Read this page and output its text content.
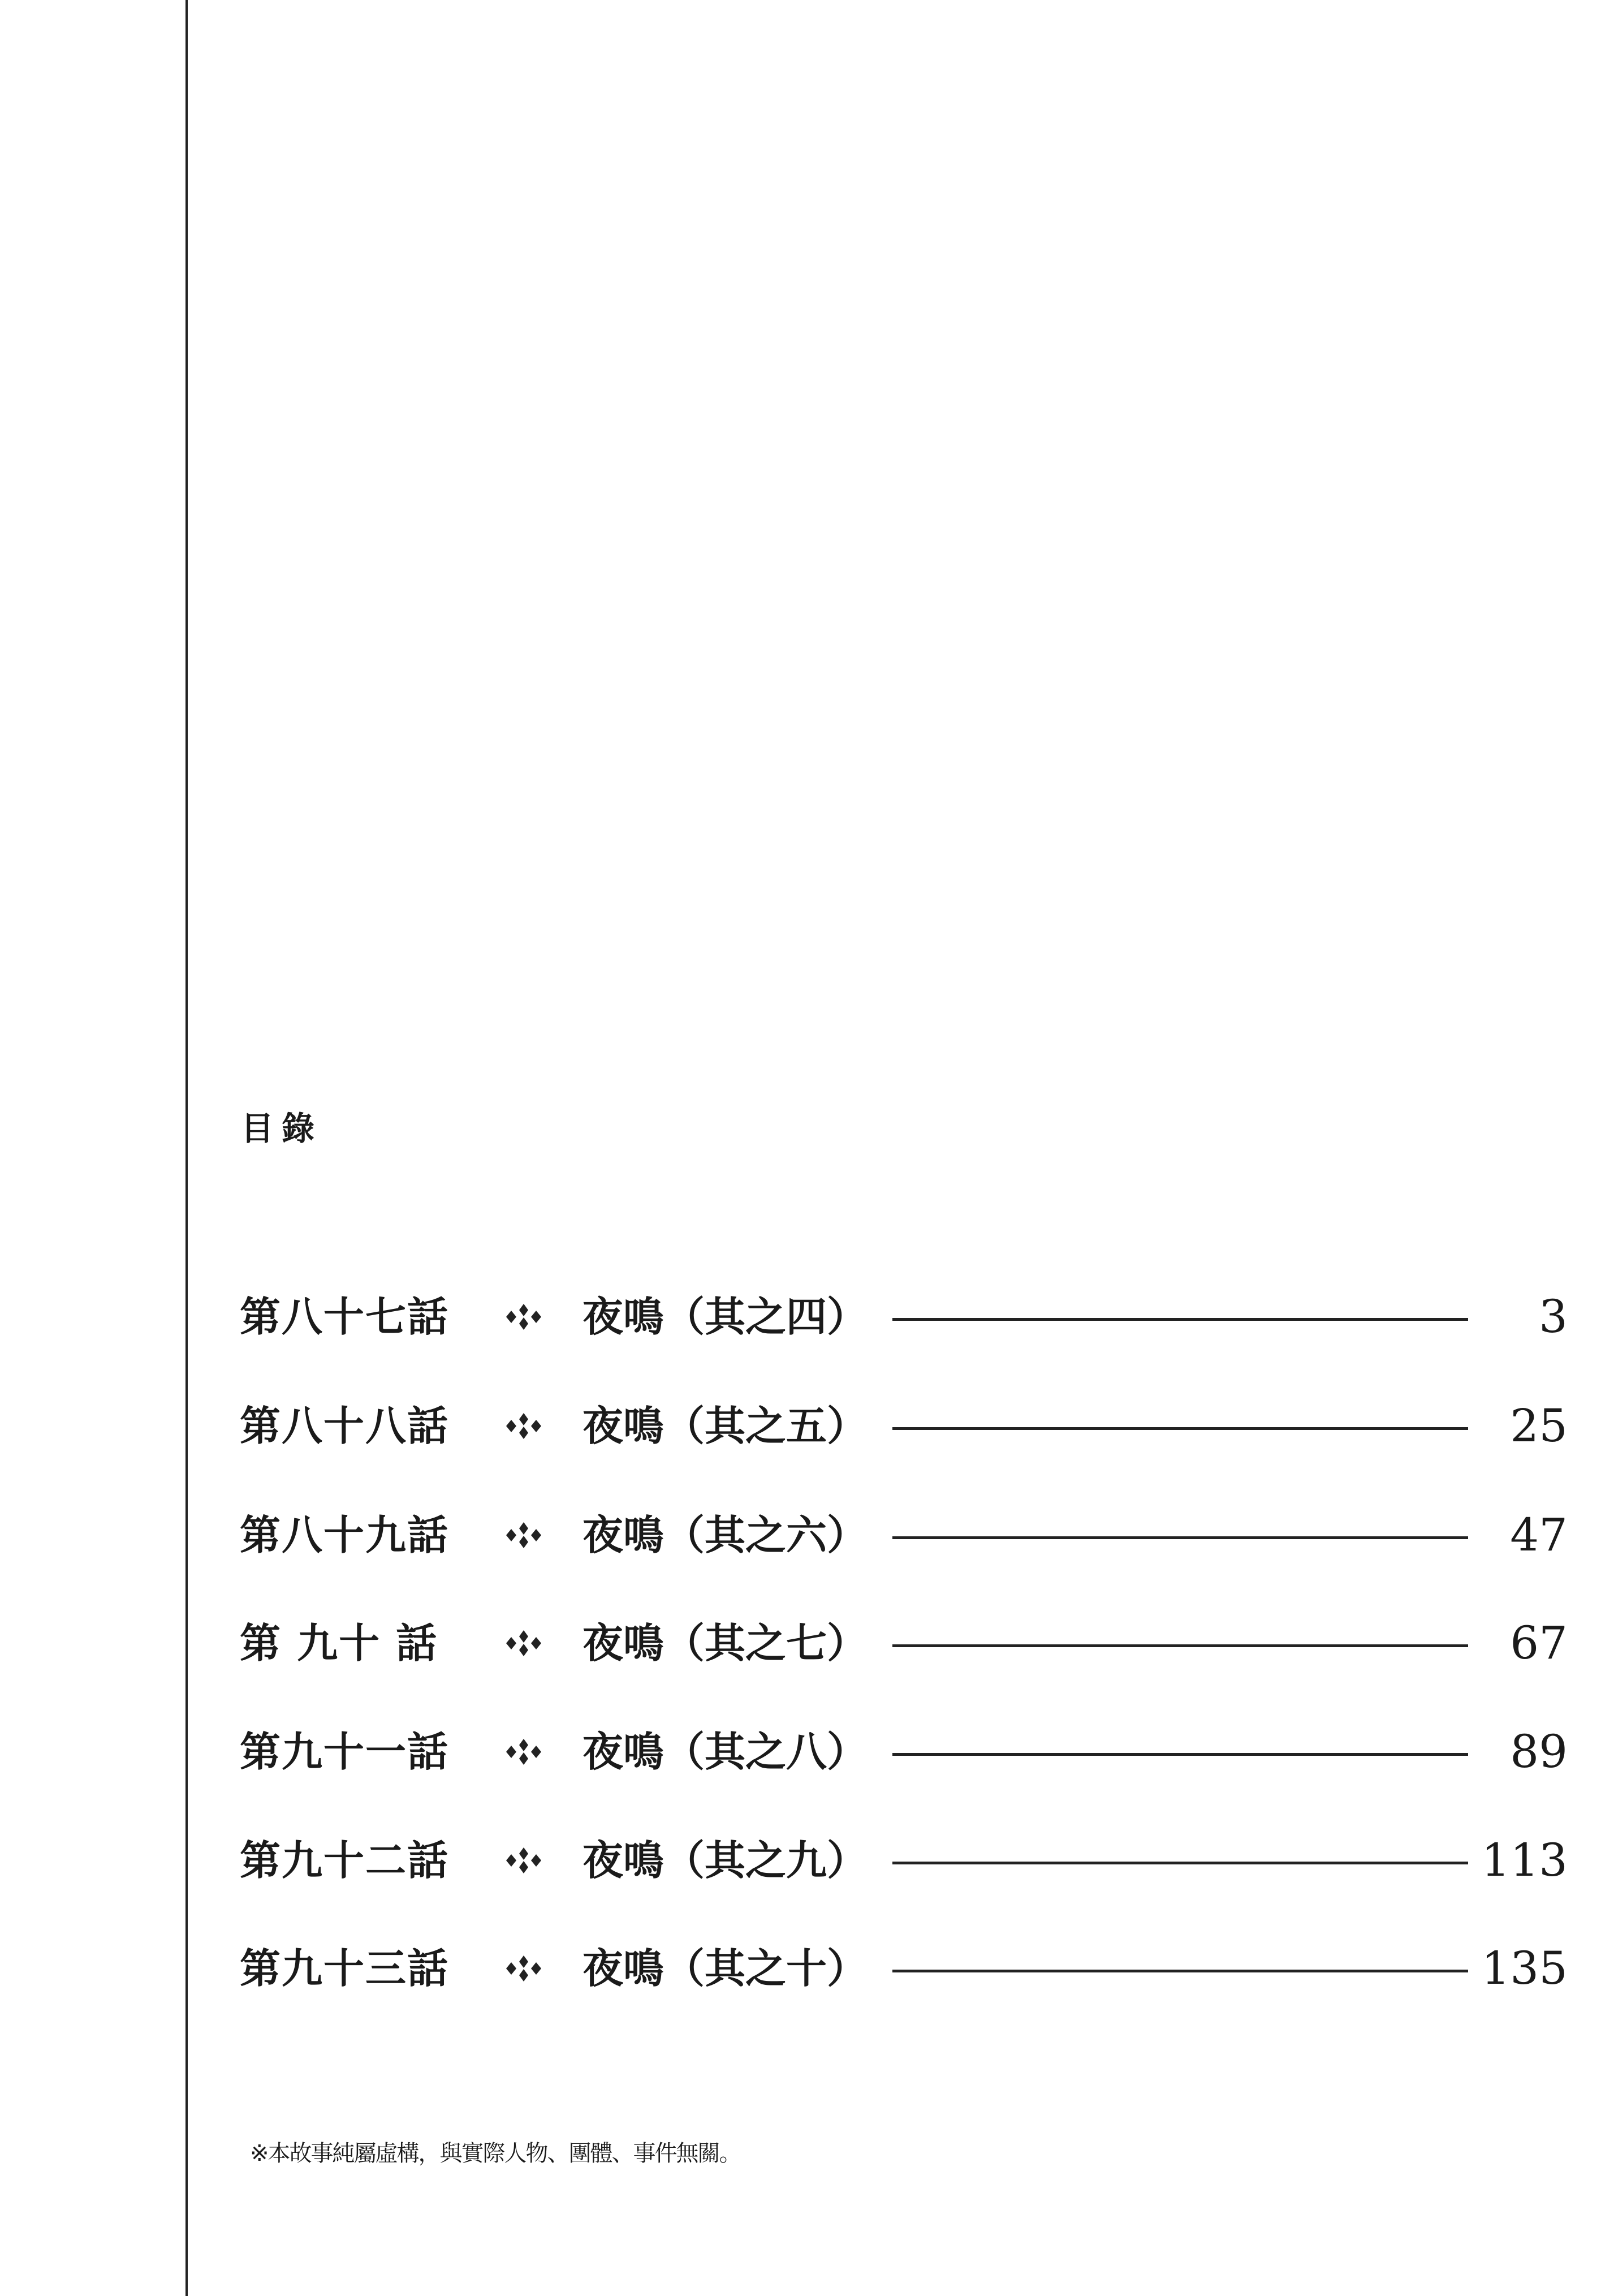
目錄
第八十七話	夜鳴（其之四）	3
第八十八話	夜鳴（其之五）	25
第八十九話	夜鳴（其之六）	47
第 九十 話	夜鳴（其之七）	67
第九十一話	夜鳴（其之八）	89
第九十二話	夜鳴（其之九）	113
第九十三話	夜鳴（其之十）	135
※本故事純屬虛構，與實際人物、團體、事件無關。
